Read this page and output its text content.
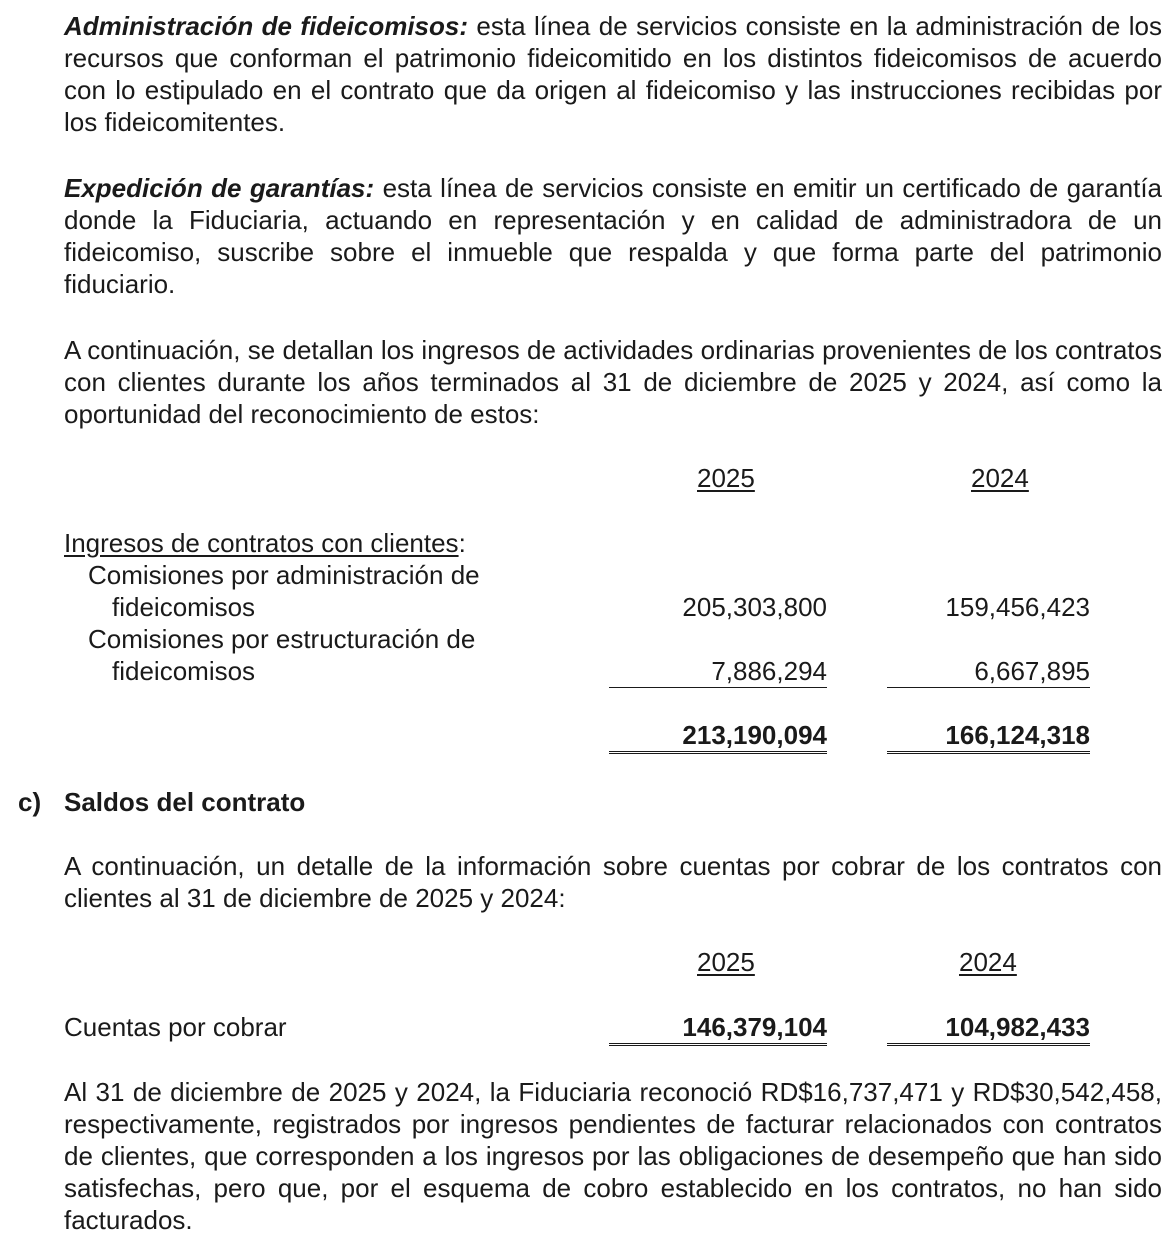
Administración de fideicomisos: esta línea de servicios consiste en la administración de los recursos que conforman el patrimonio fideicomitido en los distintos fideicomisos de acuerdo con lo estipulado en el contrato que da origen al fideicomiso y las instrucciones recibidas por los fideicomitentes.

Expedición de garantías: esta línea de servicios consiste en emitir un certificado de garantía donde la Fiduciaria, actuando en representación y en calidad de administradora de un fideicomiso, suscribe sobre el inmueble que respalda y que forma parte del patrimonio fiduciario.

A continuación, se detallan los ingresos de actividades ordinarias provenientes de los contratos con clientes durante los años terminados al 31 de diciembre de 2025 y 2024, así como la oportunidad del reconocimiento de estos:

2025	2024
Ingresos de contratos con clientes:
Comisiones por administración de
fideicomisos	205,303,800	159,456,423
Comisiones por estructuración de
fideicomisos	7,886,294	6,667,895
213,190,094	166,124,318
c) Saldos del contrato

A continuación, un detalle de la información sobre cuentas por cobrar de los contratos con clientes al 31 de diciembre de 2025 y 2024:

2025	2024
Cuentas por cobrar	146,379,104	104,982,433

Al 31 de diciembre de 2025 y 2024, la Fiduciaria reconoció RD$16,737,471 y RD$30,542,458, respectivamente, registrados por ingresos pendientes de facturar relacionados con contratos de clientes, que corresponden a los ingresos por las obligaciones de desempeño que han sido satisfechas, pero que, por el esquema de cobro establecido en los contratos, no han sido facturados.
